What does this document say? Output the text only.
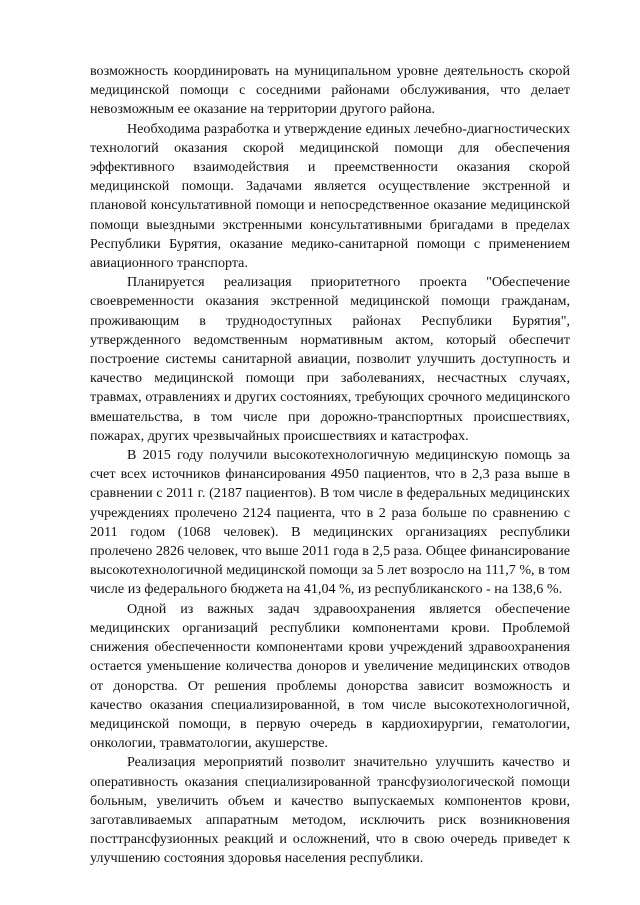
возможность координировать на муниципальном уровне деятельность скорой медицинской помощи с соседними районами обслуживания, что делает невозможным ее оказание на территории другого района.

Необходима разработка и утверждение единых лечебно-диагностических технологий оказания скорой медицинской помощи для обеспечения эффективного взаимодействия и преемственности оказания скорой медицинской помощи. Задачами является осуществление экстренной и плановой консультативной помощи и непосредственное оказание медицинской помощи выездными экстренными консультативными бригадами в пределах Республики Бурятия, оказание медико-санитарной помощи с применением авиационного транспорта.

Планируется реализация приоритетного проекта "Обеспечение своевременности оказания экстренной медицинской помощи гражданам, проживающим в труднодоступных районах Республики Бурятия", утвержденного ведомственным нормативным актом, который обеспечит построение системы санитарной авиации, позволит улучшить доступность и качество медицинской помощи при заболеваниях, несчастных случаях, травмах, отравлениях и других состояниях, требующих срочного медицинского вмешательства, в том числе при дорожно-транспортных происшествиях, пожарах, других чрезвычайных происшествиях и катастрофах.

В 2015 году получили высокотехнологичную медицинскую помощь за счет всех источников финансирования 4950 пациентов, что в 2,3 раза выше в сравнении с 2011 г. (2187 пациентов). В том числе в федеральных медицинских учреждениях пролечено 2124 пациента, что в 2 раза больше по сравнению с 2011 годом (1068 человек). В медицинских организациях республики пролечено 2826 человек, что выше 2011 года в 2,5 раза. Общее финансирование высокотехнологичной медицинской помощи за 5 лет возросло на 111,7 %, в том числе из федерального бюджета на 41,04 %, из республиканского - на 138,6 %.

Одной из важных задач здравоохранения является обеспечение медицинских организаций республики компонентами крови. Проблемой снижения обеспеченности компонентами крови учреждений здравоохранения остается уменьшение количества доноров и увеличение медицинских отводов от донорства. От решения проблемы донорства зависит возможность и качество оказания специализированной, в том числе высокотехнологичной, медицинской помощи, в первую очередь в кардиохирургии, гематологии, онкологии, травматологии, акушерстве.

Реализация мероприятий позволит значительно улучшить качество и оперативность оказания специализированной трансфузиологической помощи больным, увеличить объем и качество выпускаемых компонентов крови, заготавливаемых аппаратным методом, исключить риск возникновения посттрансфузионных реакций и осложнений, что в свою очередь приведет к улучшению состояния здоровья населения республики.
